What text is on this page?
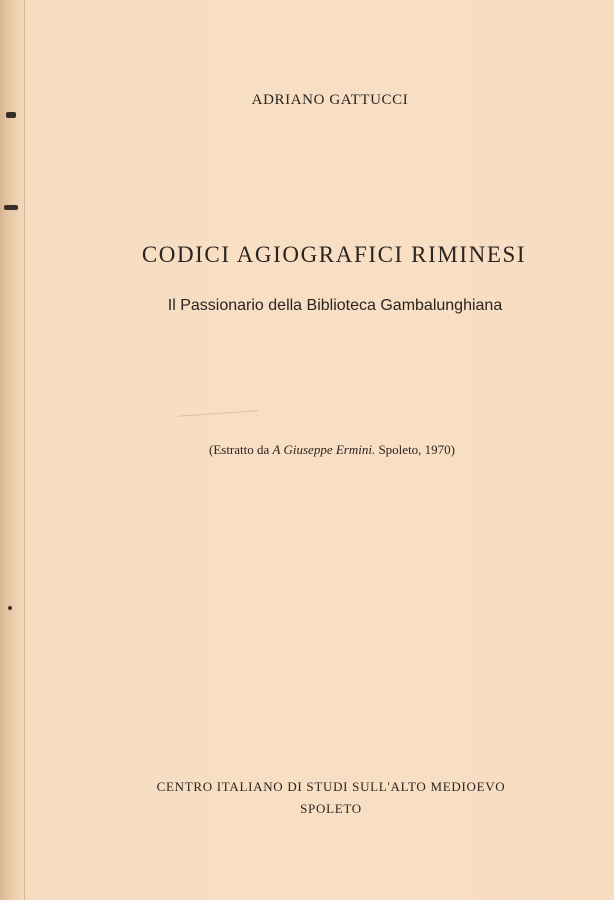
ADRIANO GATTUCCI
CODICI AGIOGRAFICI RIMINESI
Il Passionario della Biblioteca Gambalunghiana
(Estratto da A Giuseppe Ermini. Spoleto, 1970)
CENTRO ITALIANO DI STUDI SULL'ALTO MEDIOEVO
SPOLETO
